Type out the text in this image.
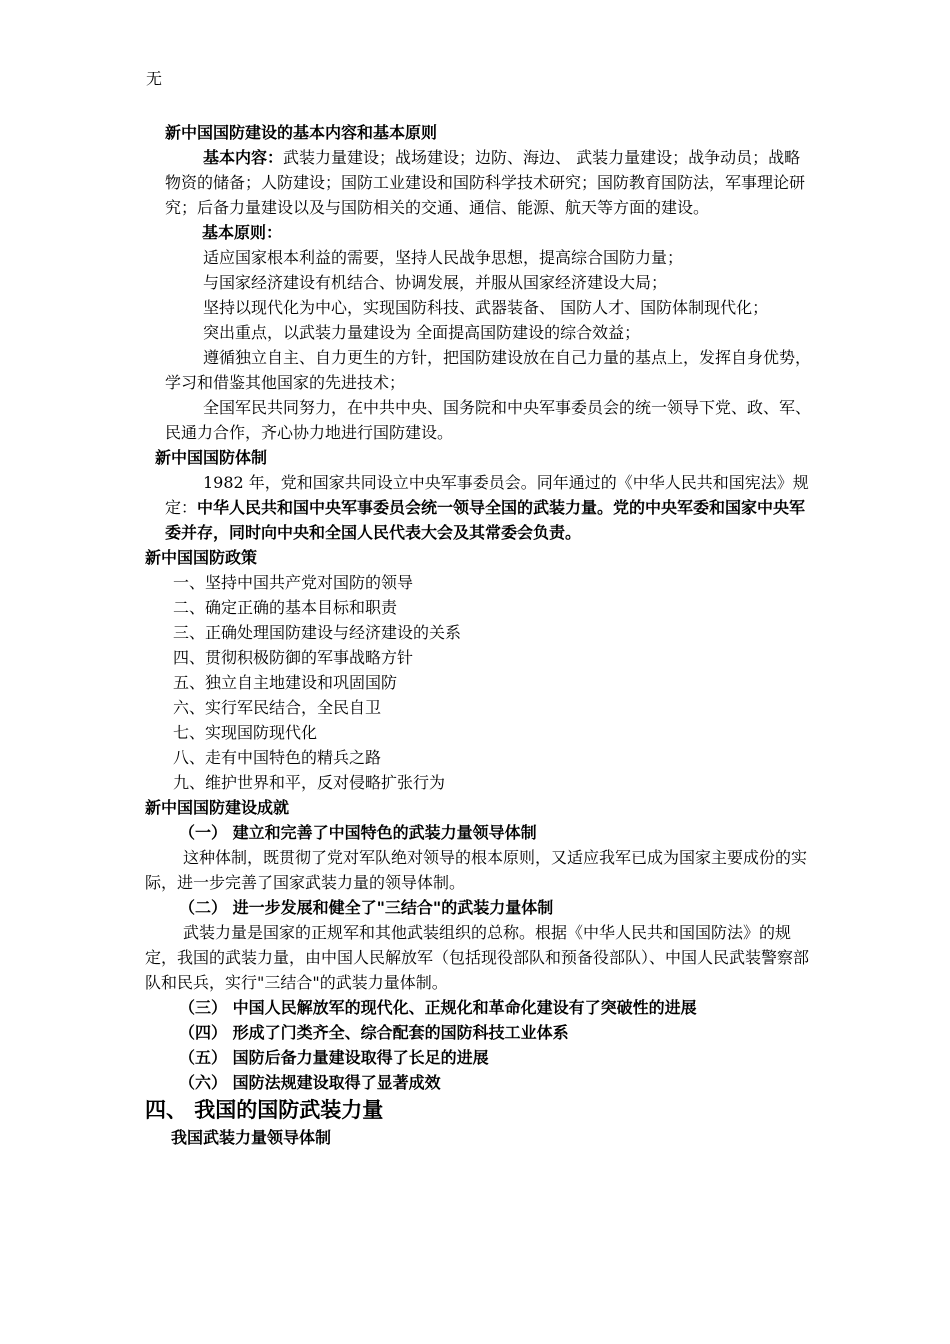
无

新中国国防建设的基本内容和基本原则

基本内容：武装力量建设；战场建设；边防、海边、 武装力量建设；战争动员；战略物资的储备；人防建设；国防工业建设和国防科学技术研究；国防教育国防法，军事理论研究；后备力量建设以及与国防相关的交通、通信、能源、航天等方面的建设。

基本原则：

适应国家根本利益的需要，坚持人民战争思想，提高综合国防力量；

与国家经济建设有机结合、协调发展，并服从国家经济建设大局；

坚持以现代化为中心，实现国防科技、武器装备、 国防人才、国防体制现代化；

突出重点，以武装力量建设为 全面提高国防建设的综合效益；

遵循独立自主、自力更生的方针，把国防建设放在自己力量的基点上，发挥自身优势，学习和借鉴其他国家的先进技术；

全国军民共同努力，在中共中央、国务院和中央军事委员会的统一领导下党、政、军、民通力合作，齐心协力地进行国防建设。

新中国国防体制

1982 年，党和国家共同设立中央军事委员会。同年通过的《中华人民共和国宪法》规定：中华人民共和国中央军事委员会统一领导全国的武装力量。党的中央军委和国家中央军委并存，同时向中央和全国人民代表大会及其常委会负责。

新中国国防政策

一、坚持中国共产党对国防的领导

二、确定正确的基本目标和职责

三、正确处理国防建设与经济建设的关系

四、贯彻积极防御的军事战略方针

五、独立自主地建设和巩固国防

六、实行军民结合，全民自卫

七、实现国防现代化

八、走有中国特色的精兵之路

九、维护世界和平，反对侵略扩张行为

新中国国防建设成就

（一） 建立和完善了中国特色的武装力量领导体制

这种体制，既贯彻了党对军队绝对领导的根本原则，又适应我军已成为国家主要成份的实际，进一步完善了国家武装力量的领导体制。

（二） 进一步发展和健全了"三结合"的武装力量体制

武装力量是国家的正规军和其他武装组织的总称。根据《中华人民共和国国防法》的规定，我国的武装力量，由中国人民解放军（包括现役部队和预备役部队）、中国人民武装警察部队和民兵，实行"三结合"的武装力量体制。

（三） 中国人民解放军的现代化、正规化和革命化建设有了突破性的进展

（四） 形成了门类齐全、综合配套的国防科技工业体系

（五） 国防后备力量建设取得了长足的进展

（六） 国防法规建设取得了显著成效

四、 我国的国防武装力量

我国武装力量领导体制
